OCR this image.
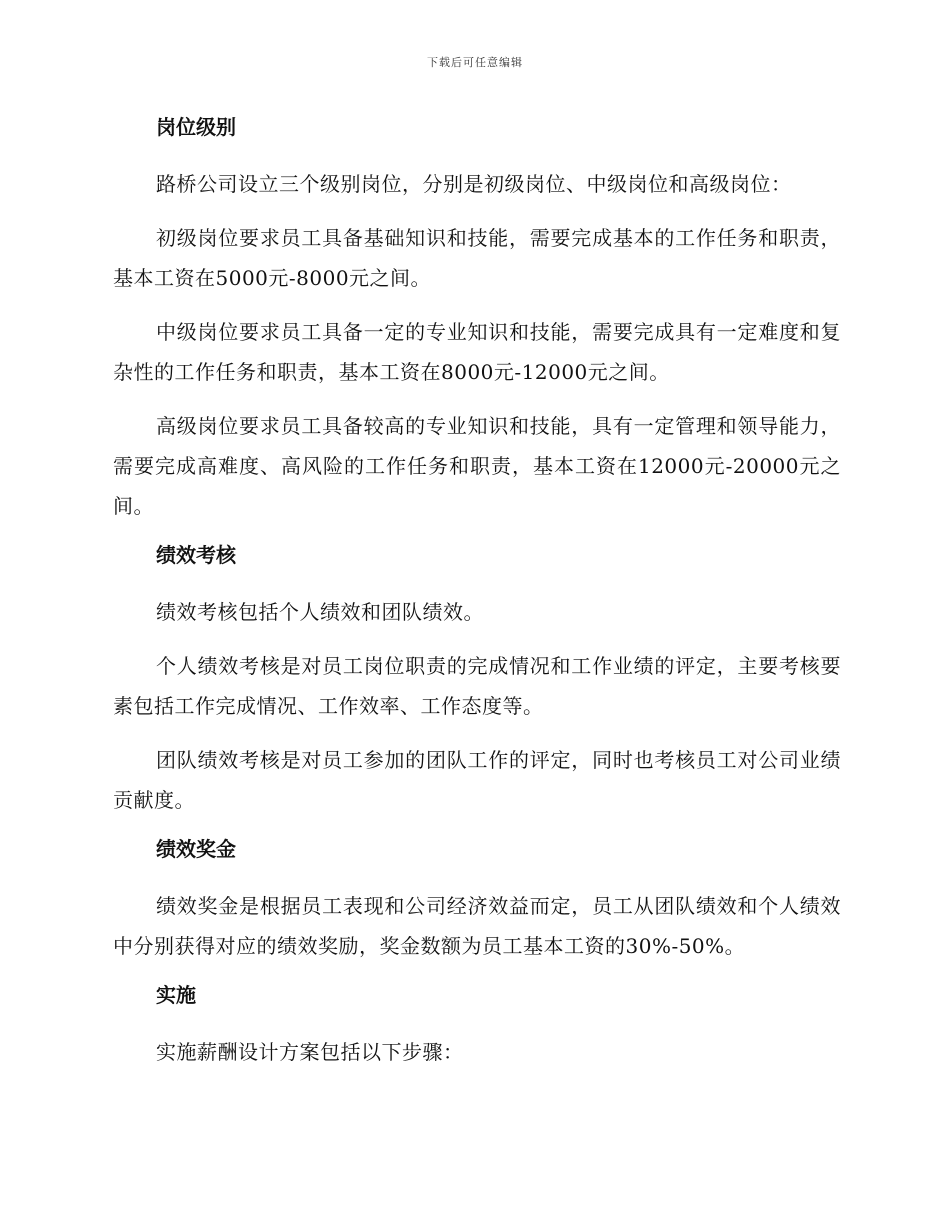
下载后可任意编辑
岗位级别

路桥公司设立三个级别岗位，分别是初级岗位、中级岗位和高级岗位：

初级岗位要求员工具备基础知识和技能，需要完成基本的工作任务和职责，基本工资在5000元-8000元之间。

中级岗位要求员工具备一定的专业知识和技能，需要完成具有一定难度和复杂性的工作任务和职责，基本工资在8000元-12000元之间。

高级岗位要求员工具备较高的专业知识和技能，具有一定管理和领导能力，需要完成高难度、高风险的工作任务和职责，基本工资在12000元-20000元之间。

绩效考核

绩效考核包括个人绩效和团队绩效。

个人绩效考核是对员工岗位职责的完成情况和工作业绩的评定，主要考核要素包括工作完成情况、工作效率、工作态度等。

团队绩效考核是对员工参加的团队工作的评定，同时也考核员工对公司业绩贡献度。

绩效奖金

绩效奖金是根据员工表现和公司经济效益而定，员工从团队绩效和个人绩效中分别获得对应的绩效奖励，奖金数额为员工基本工资的30%-50%。

实施

实施薪酬设计方案包括以下步骤：
